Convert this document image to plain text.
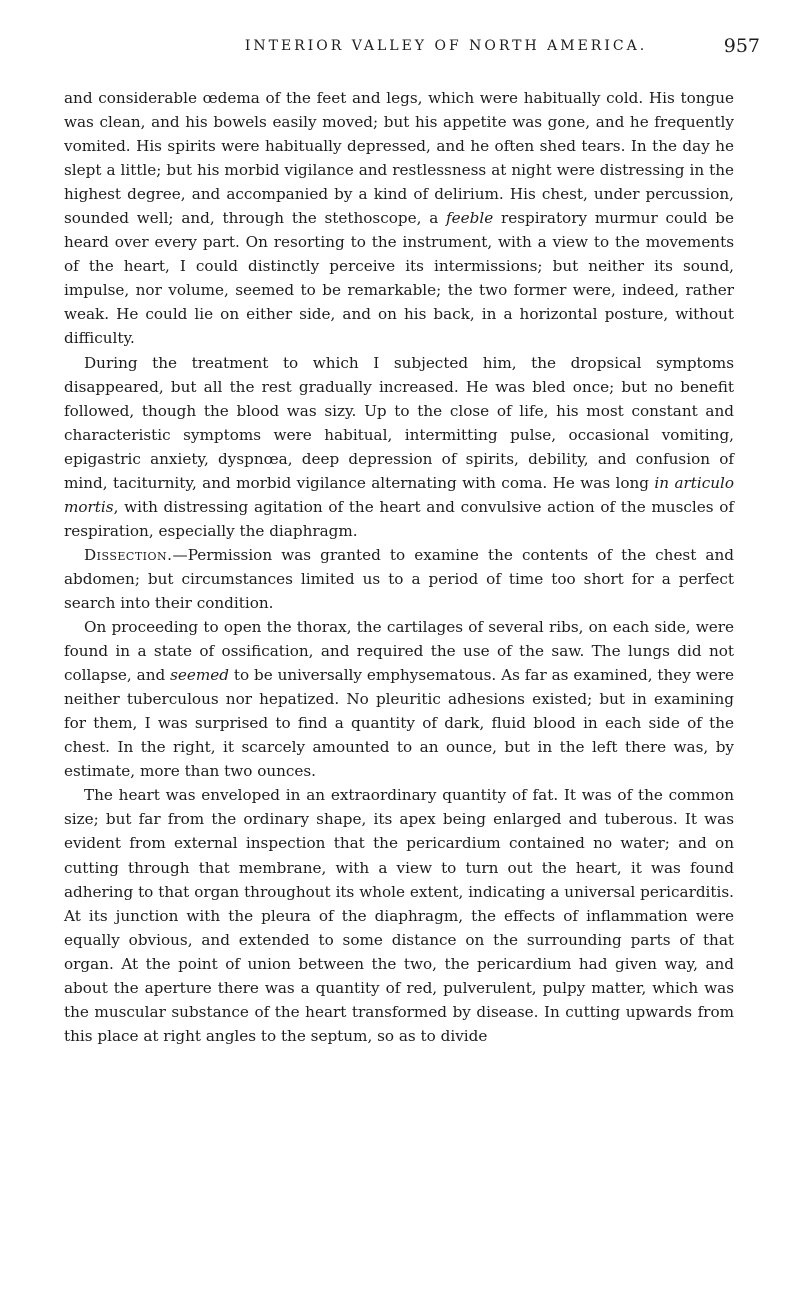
INTERIOR VALLEY OF NORTH AMERICA.	957

and considerable œdema of the feet and legs, which were habitually cold. His tongue was clean, and his bowels easily moved; but his appetite was gone, and he frequently vomited. His spirits were habitually depressed, and he often shed tears. In the day he slept a little; but his morbid vigilance and restlessness at night were distressing in the highest degree, and accompanied by a kind of delirium. His chest, under percussion, sounded well; and, through the stethoscope, a feeble respiratory murmur could be heard over every part. On resorting to the instrument, with a view to the movements of the heart, I could distinctly perceive its intermissions; but neither its sound, impulse, nor volume, seemed to be remarkable; the two former were, indeed, rather weak. He could lie on either side, and on his back, in a horizontal posture, without difficulty.

During the treatment to which I subjected him, the dropsical symptoms disappeared, but all the rest gradually increased. He was bled once; but no benefit followed, though the blood was sizy. Up to the close of life, his most constant and characteristic symptoms were habitual, intermitting pulse, occasional vomiting, epigastric anxiety, dyspnœa, deep depression of spirits, debility, and confusion of mind, taciturnity, and morbid vigilance alternating with coma. He was long in articulo mortis, with distressing agitation of the heart and convulsive action of the muscles of respiration, especially the diaphragm.

Dissection.—Permission was granted to examine the contents of the chest and abdomen; but circumstances limited us to a period of time too short for a perfect search into their condition.

On proceeding to open the thorax, the cartilages of several ribs, on each side, were found in a state of ossification, and required the use of the saw. The lungs did not collapse, and seemed to be universally emphysematous. As far as examined, they were neither tuberculous nor hepatized. No pleuritic adhesions existed; but in examining for them, I was surprised to find a quantity of dark, fluid blood in each side of the chest. In the right, it scarcely amounted to an ounce, but in the left there was, by estimate, more than two ounces.

The heart was enveloped in an extraordinary quantity of fat. It was of the common size; but far from the ordinary shape, its apex being enlarged and tuberous. It was evident from external inspection that the pericardium contained no water; and on cutting through that membrane, with a view to turn out the heart, it was found adhering to that organ throughout its whole extent, indicating a universal pericarditis. At its junction with the pleura of the diaphragm, the effects of inflammation were equally obvious, and extended to some distance on the surrounding parts of that organ. At the point of union between the two, the pericardium had given way, and about the aperture there was a quantity of red, pulverulent, pulpy matter, which was the muscular substance of the heart transformed by disease. In cutting upwards from this place at right angles to the septum, so as to divide
